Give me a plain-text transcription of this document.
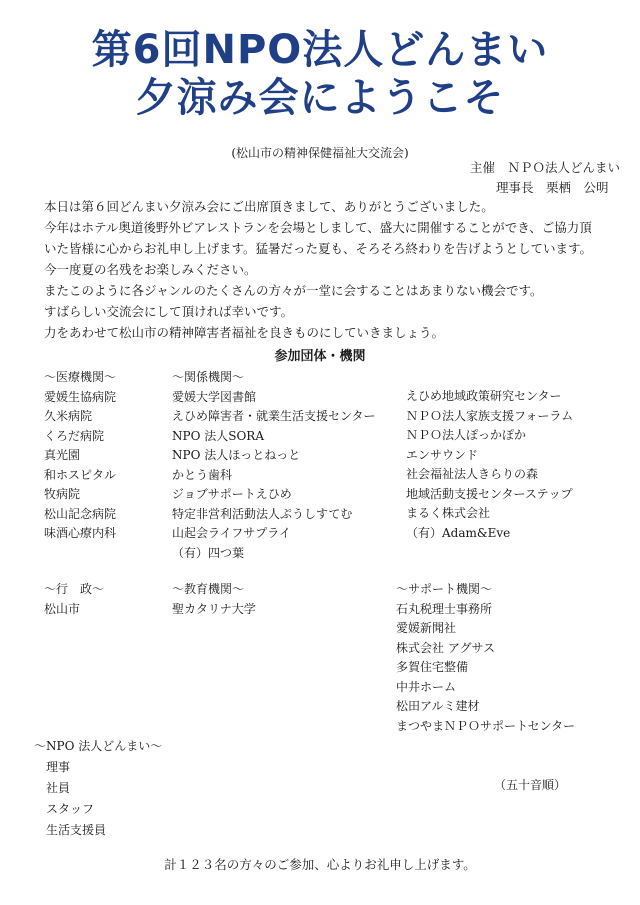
第6回NPO法人どんまい
夕涼み会にようこそ
(松山市の精神保健福祉大交流会)
主催　ＮＰＯ法人どんまい
理事長　栗栖　公明
本日は第６回どんまい夕涼み会にご出席頂きまして、ありがとうございました。
今年はホテル奥道後野外ビアレストランを会場としまして、盛大に開催することができ、ご協力頂
いた皆様に心からお礼申し上げます。猛暑だった夏も、そろそろ終わりを告げようとしています。
今一度夏の名残をお楽しみください。
またこのように各ジャンルのたくさんの方々が一堂に会することはあまりない機会です。
すばらしい交流会にして頂ければ幸いです。
力をあわせて松山市の精神障害者福祉を良きものにしていきましょう。
参加団体・機関
～医療機関～
愛媛生協病院
久米病院
くろだ病院
真光園
和ホスピタル
牧病院
松山記念病院
味酒心療内科
～関係機関～
愛媛大学図書館
えひめ障害者・就業生活支援センター
NPO 法人SORA
NPO 法人ほっとねっと
かとう歯科
ジョブサポートえひめ
特定非営利活動法人ぷうしすてむ
山起会ライフサプライ
（有）四つ葉
えひめ地域政策研究センター
ＮＰＯ法人家族支援フォーラム
ＮＰＯ法人ぽっかぽか
エンサウンド
社会福祉法人きらりの森
地域活動支援センターステップ
まるく株式会社
（有）Adam&Eve
～行　政～
松山市
～教育機関～
聖カタリナ大学
～サポート機関～
石丸税理士事務所
愛媛新聞社
株式会社 アグサス
多賀住宅整備
中井ホーム
松田アルミ建材
まつやまＮＰＯサポートセンター
～NPO 法人どんまい～
理事
社員
スタッフ
生活支援員
（五十音順）
計１２３名の方々のご参加、心よりお礼申し上げます。
